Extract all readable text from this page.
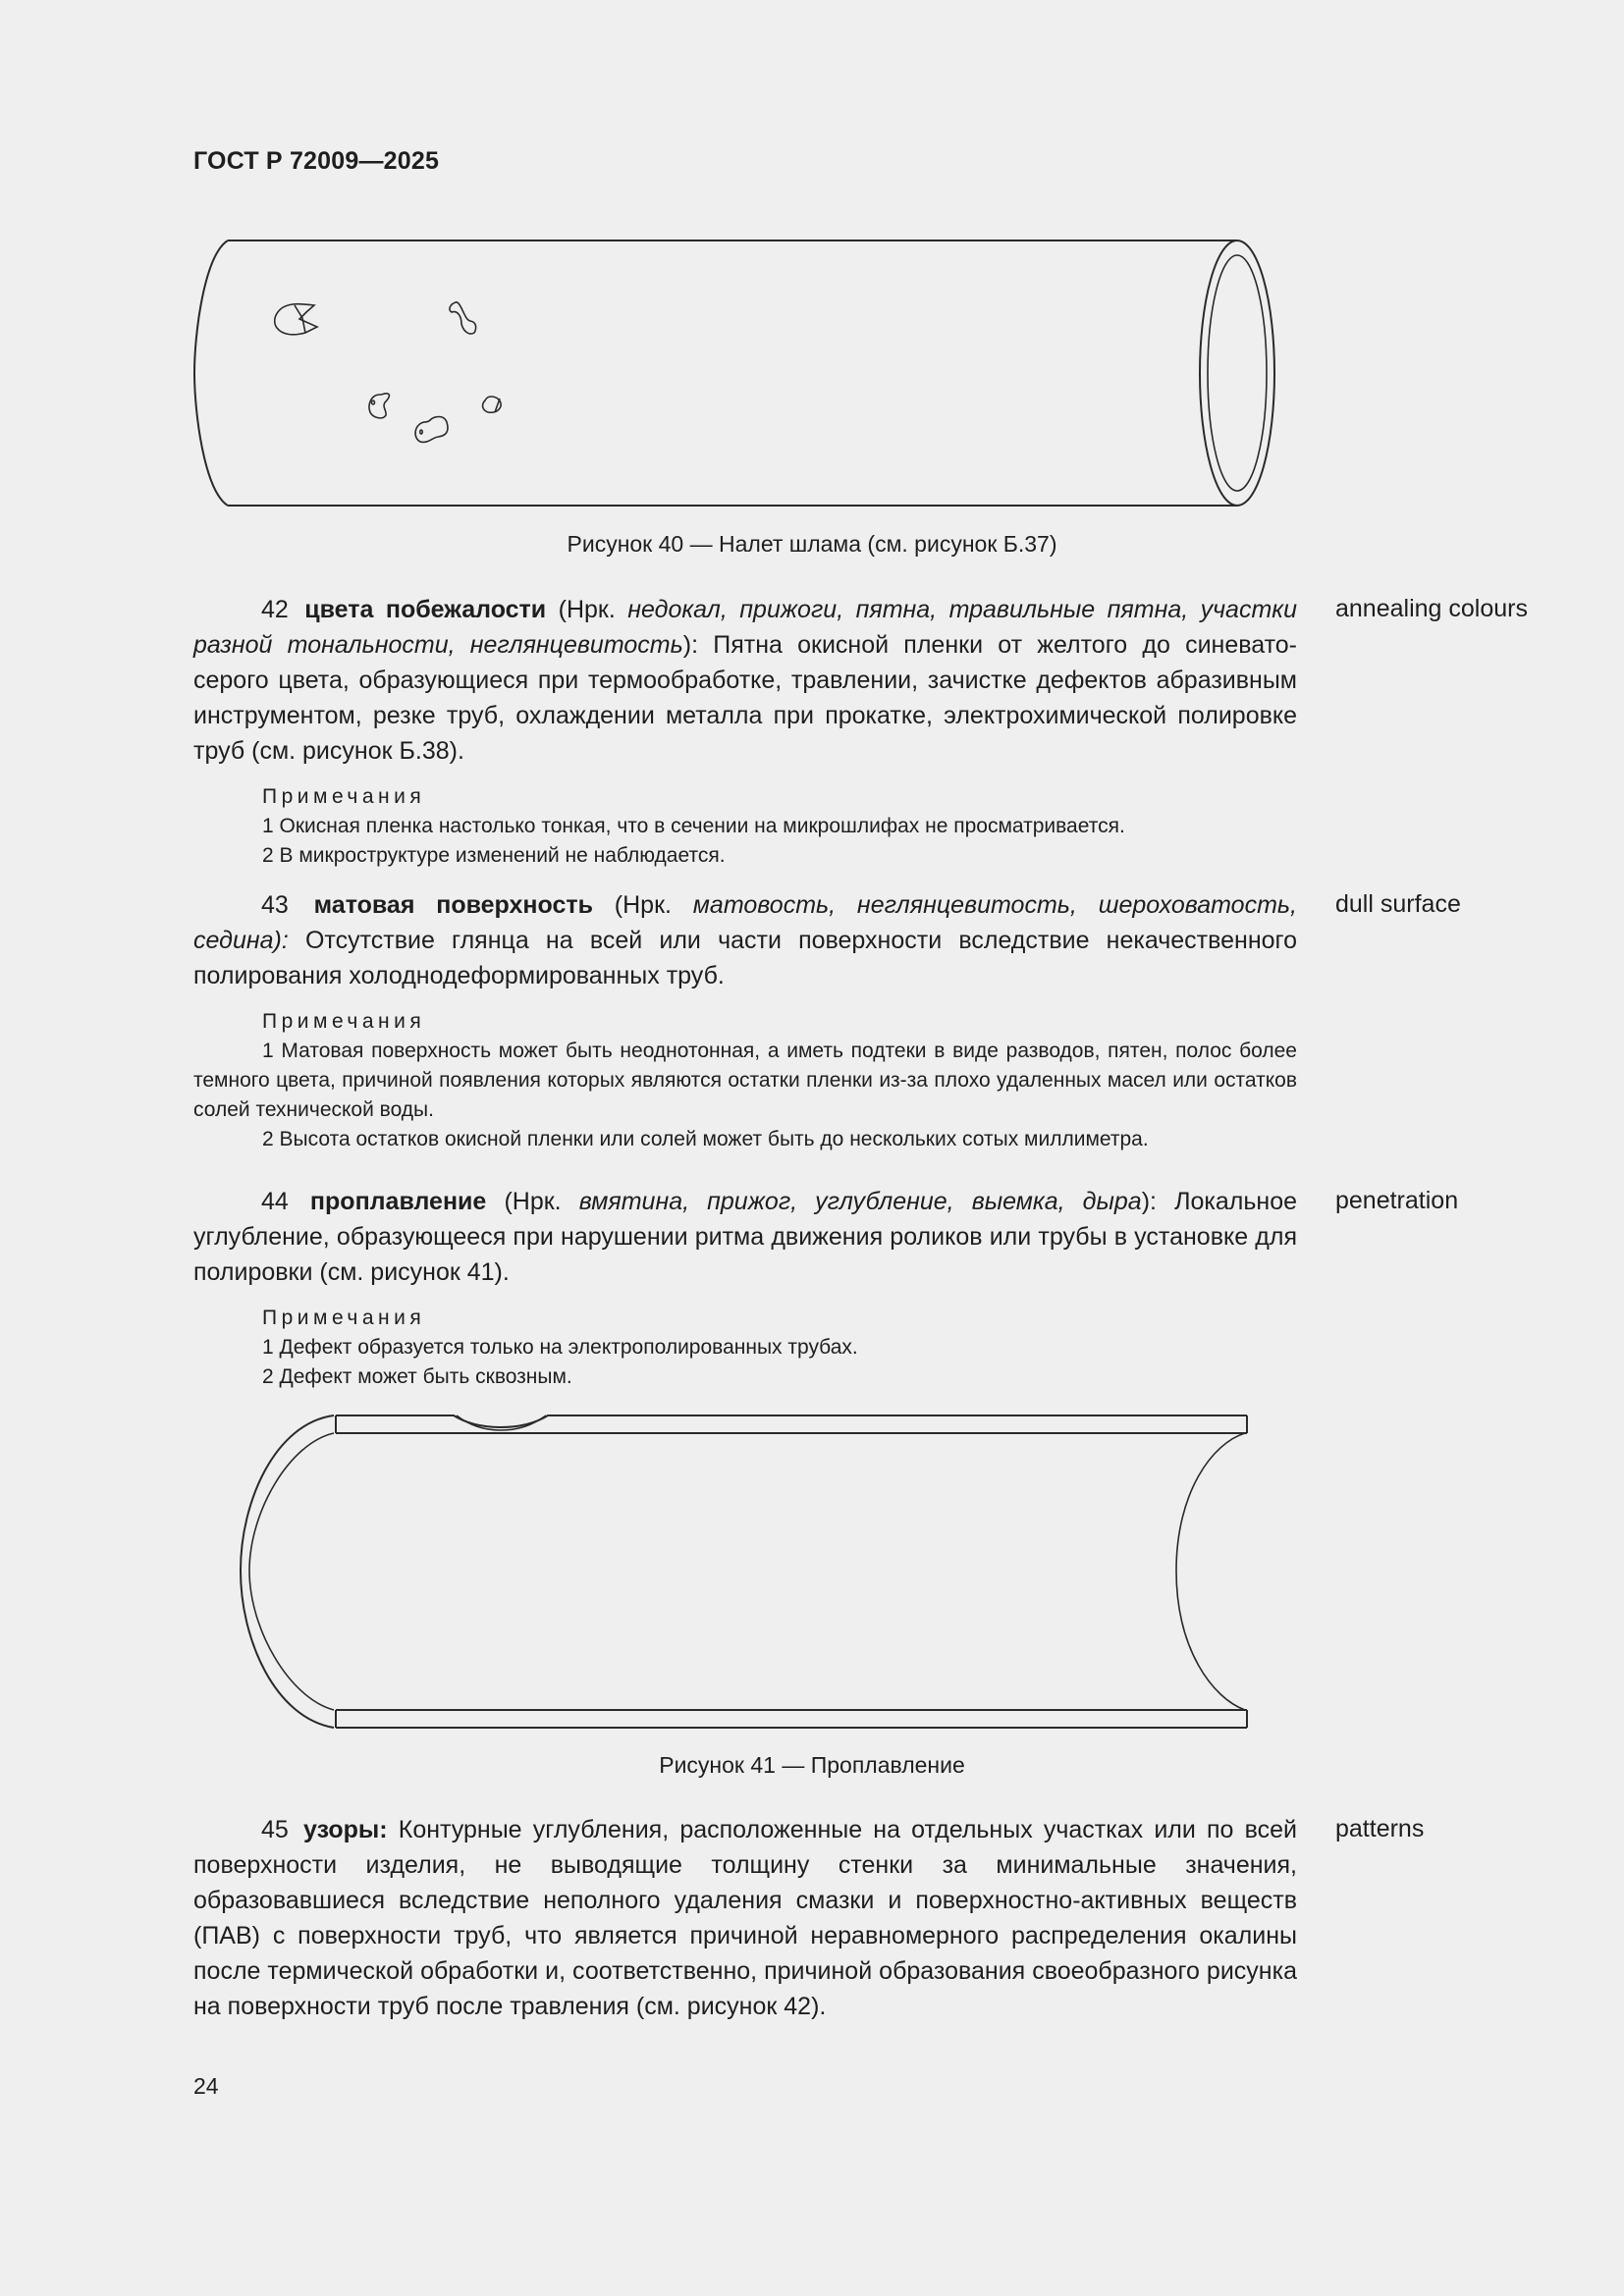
ГОСТ Р 72009—2025
Рисунок 40 — Налет шлама (см. рисунок Б.37)

42 цвета побежалости (Нрк. недокал, прижоги, пятна, травильные пятна, участки разной тональности, неглянцевитость): Пятна окисной пленки от желтого до синевато-серого цвета, образующиеся при термообработке, травлении, зачистке дефектов абразивным инструментом, резке труб, охлаждении металла при прокатке, электрохимической полировке труб (см. рисунок Б.38).

Примечания

1 Окисная пленка настолько тонкая, что в сечении на микрошлифах не просматривается.

2 В микроструктуре изменений не наблюдается.

annealing colours

43 матовая поверхность (Нрк. матовость, неглянцевитость, шероховатость, седина): Отсутствие глянца на всей или части поверхности вследствие некачественного полирования холоднодеформированных труб.

Примечания

1 Матовая поверхность может быть неоднотонная, а иметь подтеки в виде разводов, пятен, полос более темного цвета, причиной появления которых являются остатки пленки из-за плохо удаленных масел или остатков солей технической воды.

2 Высота остатков окисной пленки или солей может быть до нескольких сотых миллиметра.

dull surface

44 проплавление (Нрк. вмятина, прижог, углубление, выемка, дыра): Локальное углубление, образующееся при нарушении ритма движения роликов или трубы в установке для полировки (см. рисунок 41).

Примечания

1 Дефект образуется только на электрополированных трубах.

2 Дефект может быть сквозным.

penetration
Рисунок 41 — Проплавление

45 узоры: Контурные углубления, расположенные на отдельных участках или по всей поверхности изделия, не выводящие толщину стенки за минимальные значения, образовавшиеся вследствие неполного удаления смазки и поверхностно-активных веществ (ПАВ) с поверхности труб, что является причиной неравномерного распределения окалины после термической обработки и, соответственно, причиной образования своеобразного рисунка на поверхности труб после травления (см. рисунок 42).

patterns
24
